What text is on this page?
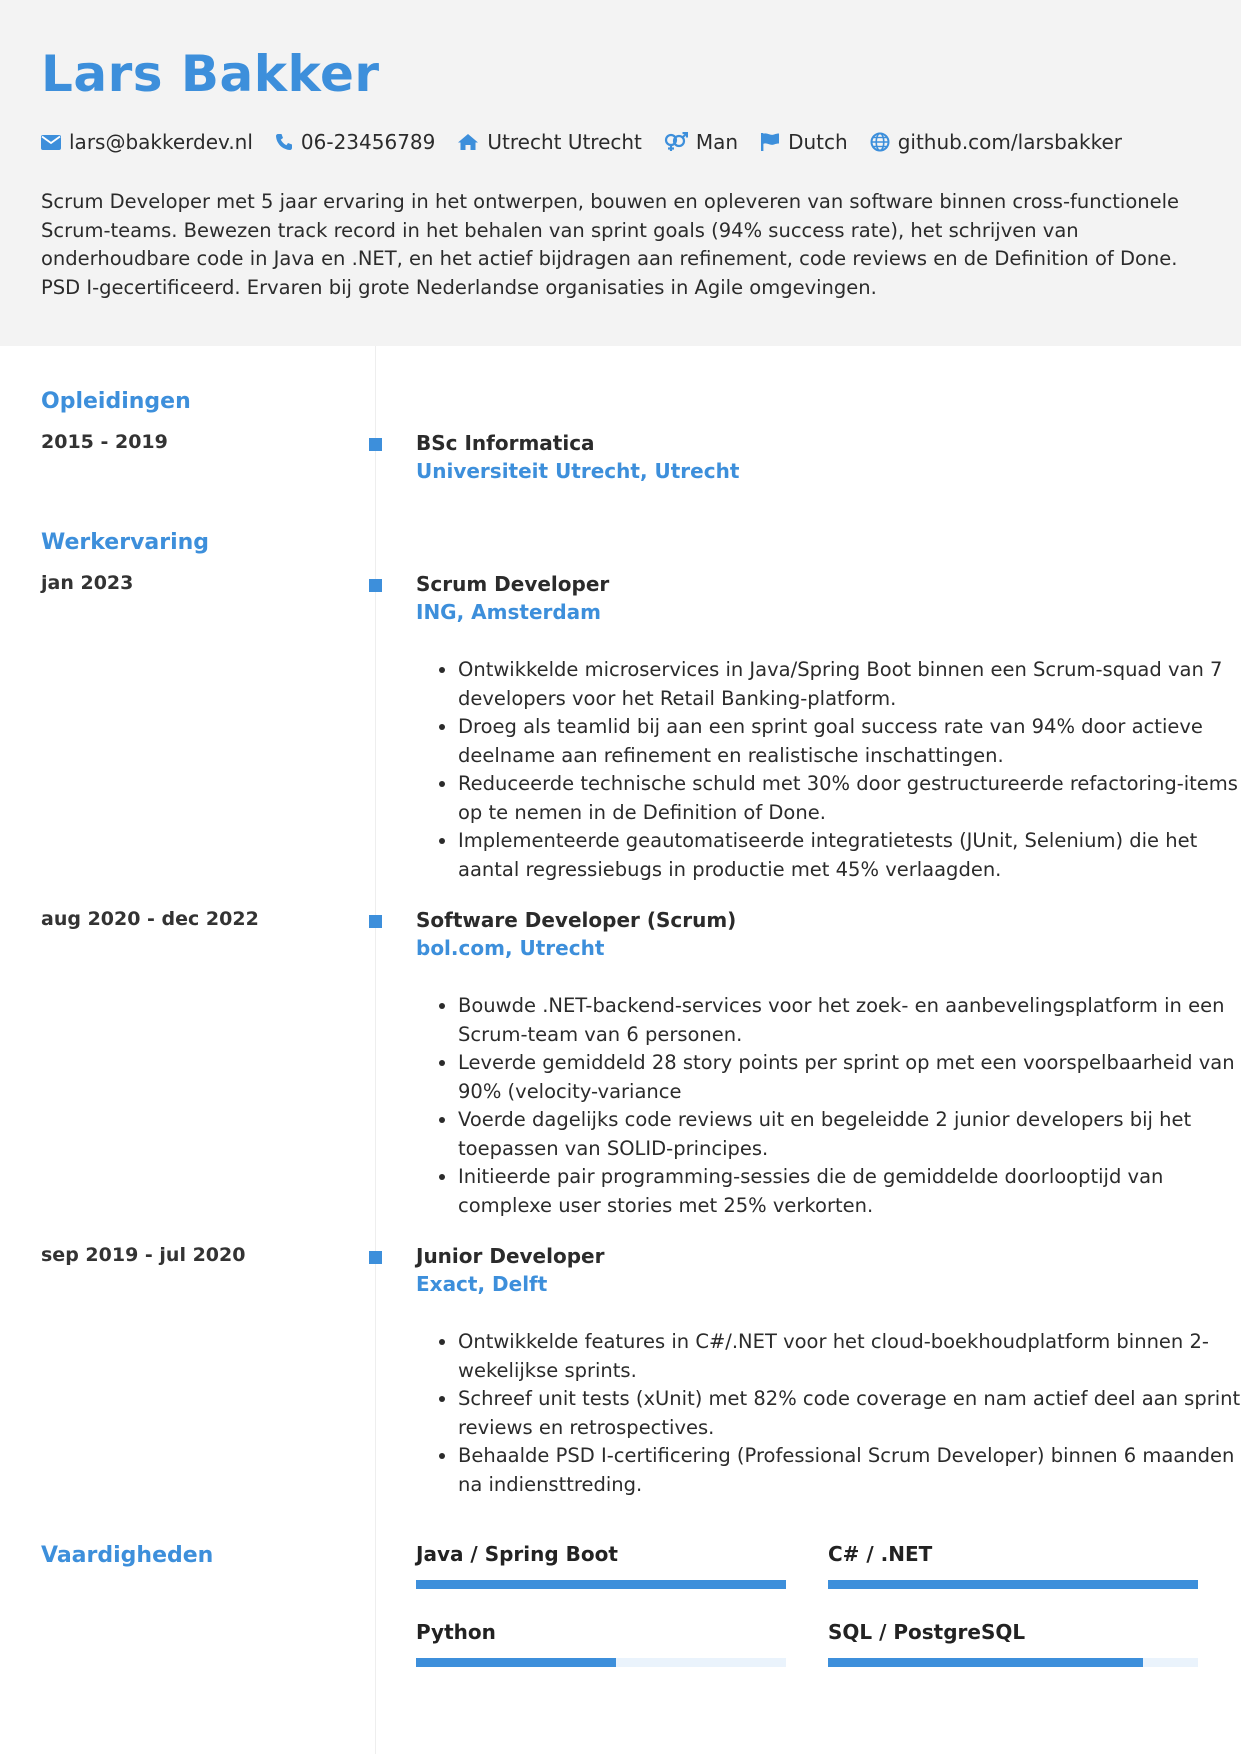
Lars Bakker
lars@bakkerdev.nl 06-23456789	Utrecht Utrecht	Man	Dutch	github.com/larsbakker
Scrum Developer met 5 jaar ervaring in het ontwerpen, bouwen en opleveren van software binnen cross-functionele Scrum-teams. Bewezen track record in het behalen van sprint goals (94% success rate), het schrijven van onderhoudbare code in Java en .NET, en het actief bijdragen aan refinement, code reviews en de Definition of Done. PSD I-gecertificeerd. Ervaren bij grote Nederlandse organisaties in Agile omgevingen.
Opleidingen
2015 - 2019	BSc Informatica
Universiteit Utrecht, Utrecht
Werkervaring
jan 2023	Scrum Developer
ING, Amsterdam
• Ontwikkelde microservices in Java/Spring Boot binnen een Scrum-squad van 7 developers voor het Retail Banking-platform.
• Droeg als teamlid bij aan een sprint goal success rate van 94% door actieve deelname aan refinement en realistische inschattingen.
• Reduceerde technische schuld met 30% door gestructureerde refactoring-items op te nemen in de Definition of Done.
• Implementeerde geautomatiseerde integratietests (JUnit, Selenium) die het aantal regressiebugs in productie met 45% verlaagden.
aug 2020 - dec 2022	Software Developer (Scrum)
bol.com, Utrecht
• Bouwde .NET-backend-services voor het zoek- en aanbevelingsplatform in een Scrum-team van 6 personen.
• Leverde gemiddeld 28 story points per sprint op met een voorspelbaarheid van 90% (velocity-variance
• Voerde dagelijks code reviews uit en begeleidde 2 junior developers bij het toepassen van SOLID-principes.
• Initieerde pair programming-sessies die de gemiddelde doorlooptijd van complexe user stories met 25% verkorten.
sep 2019 - jul 2020	Junior Developer
Exact, Delft
• Ontwikkelde features in C#/.NET voor het cloud-boekhoudplatform binnen 2-wekelijkse sprints.
• Schreef unit tests (xUnit) met 82% code coverage en nam actief deel aan sprint reviews en retrospectives.
• Behaalde PSD I-certificering (Professional Scrum Developer) binnen 6 maanden na indiensttreding.
Vaardigheden	Java / Spring Boot	C# / .NET
Python	SQL / PostgreSQL
